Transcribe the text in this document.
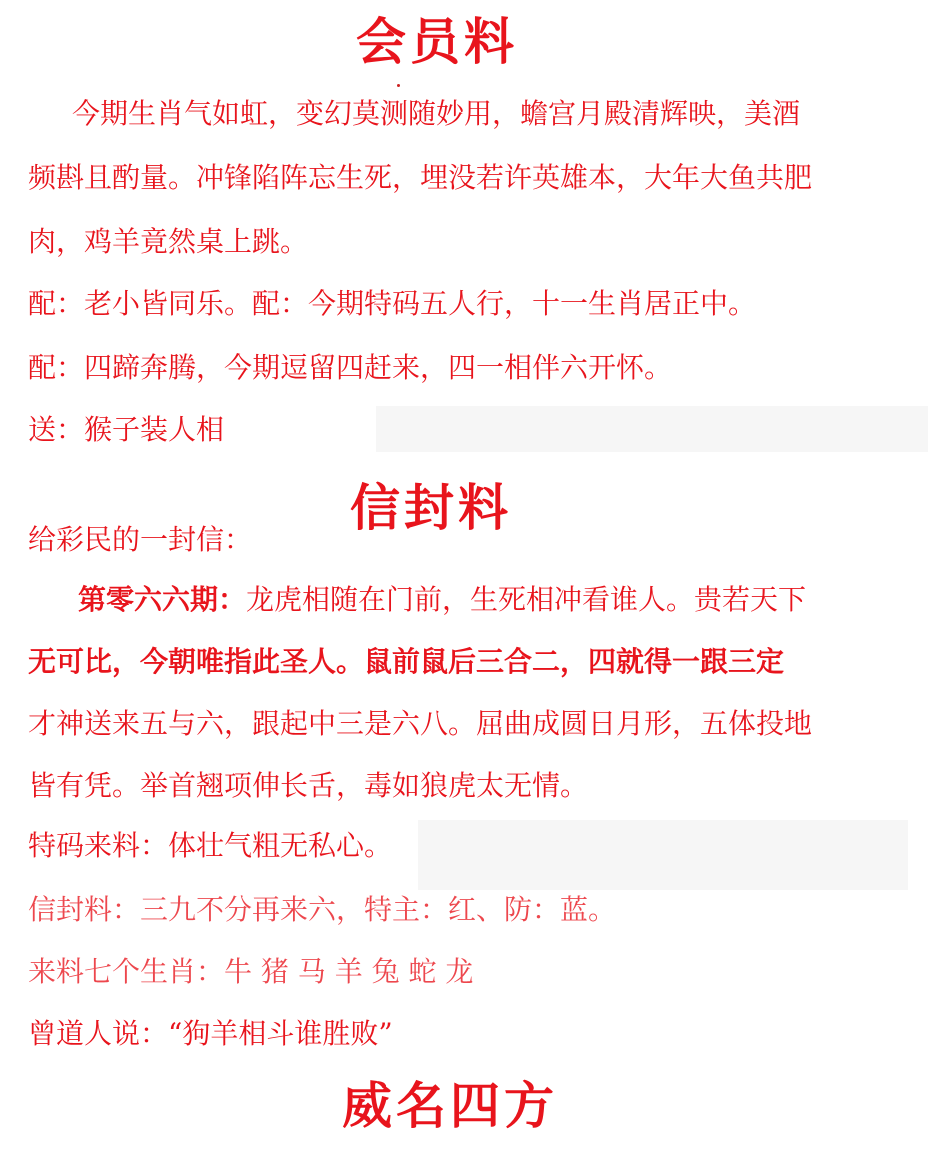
会员料
今期生肖气如虹，变幻莫测随妙用，蟾宫月殿清辉映，美酒
频斟且酌量。冲锋陷阵忘生死，埋没若许英雄本，大年大鱼共肥
肉，鸡羊竟然桌上跳。
配：老小皆同乐。配：今期特码五人行，十一生肖居正中。
配：四蹄奔腾，今期逗留四赶来，四一相伴六开怀。
送：猴子装人相
信封料
给彩民的一封信：
第零六六期：龙虎相随在门前，生死相冲看谁人。贵若天下
无可比，今朝唯指此圣人。鼠前鼠后三合二，四就得一跟三定
才神送来五与六，跟起中三是六八。屈曲成圆日月形，五体投地
皆有凭。举首翘项伸长舌，毒如狼虎太无情。
特码来料：体壮气粗无私心。
信封料：三九不分再来六，特主：红、防：蓝。
来料七个生肖：牛 猪 马 羊 兔 蛇 龙
曾道人说：“狗羊相斗谁胜败”
威名四方
